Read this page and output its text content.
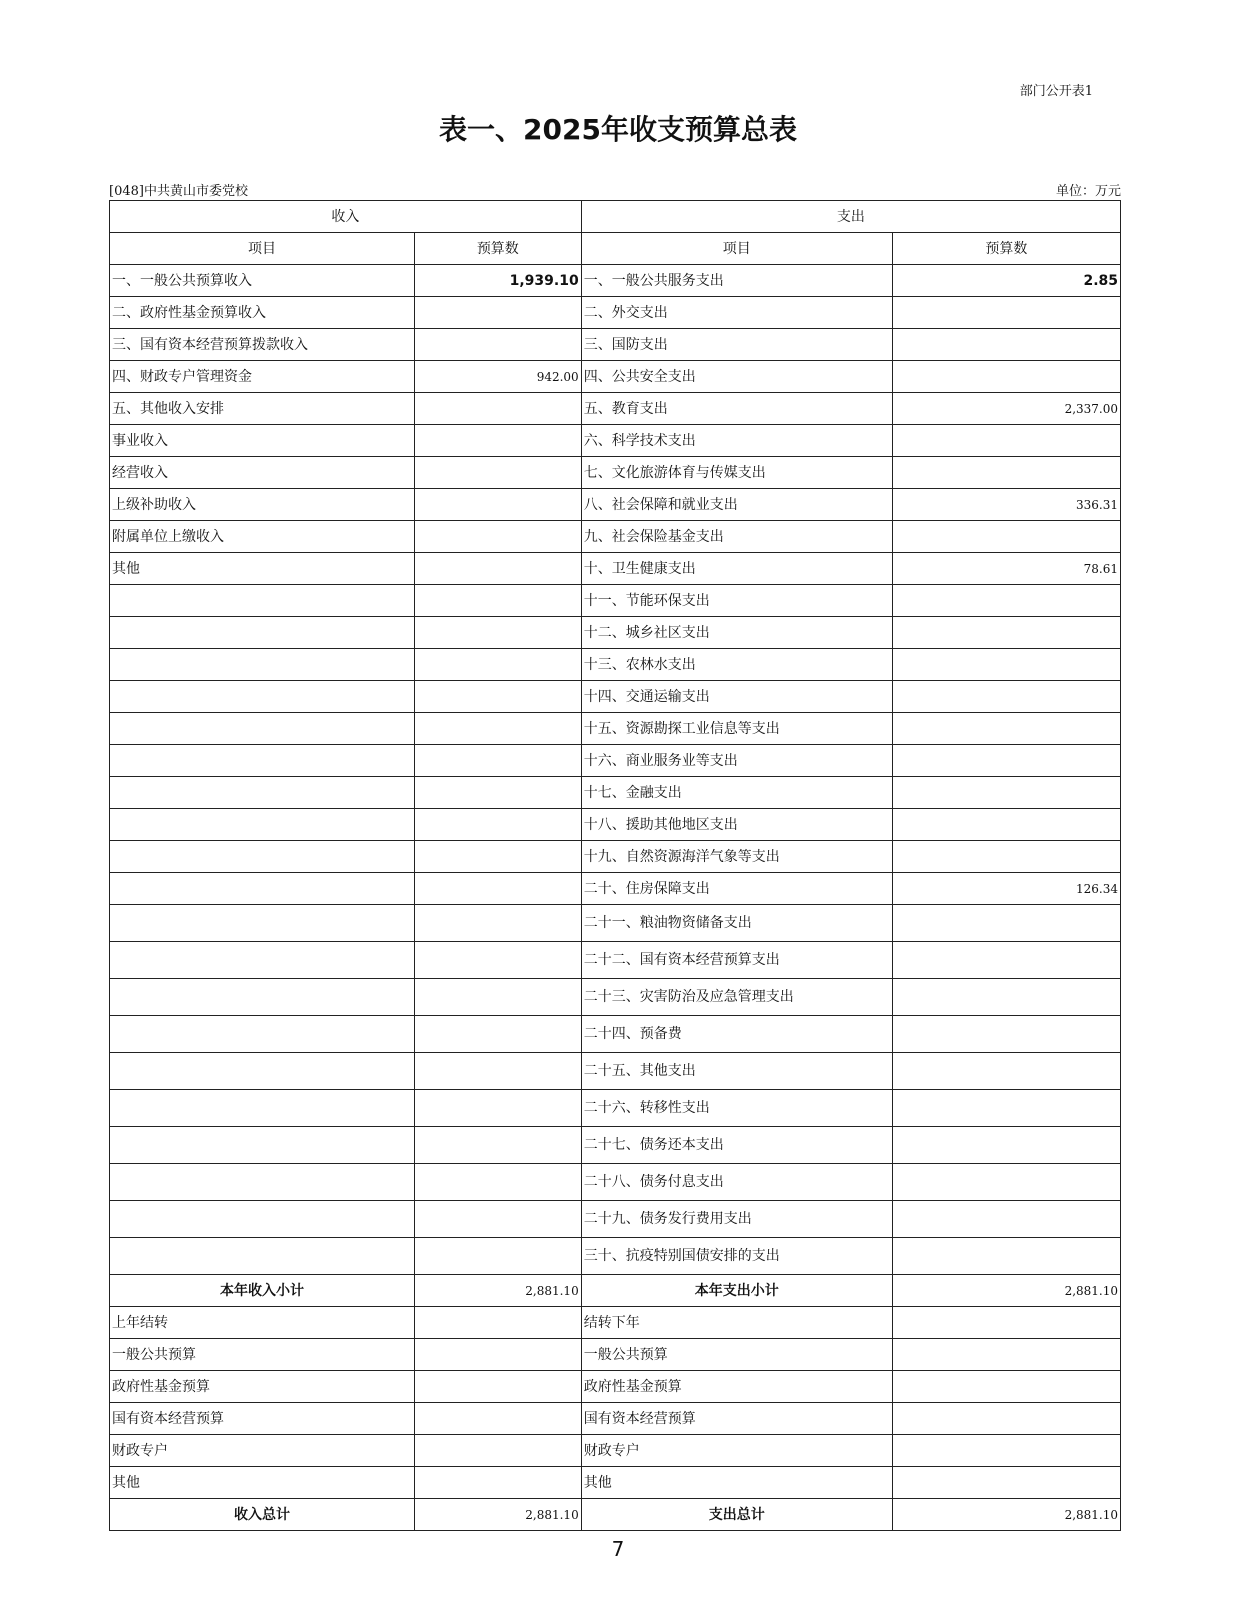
部门公开表1
表一、2025年收支预算总表
[048]中共黄山市委党校	单位：万元
收入		支出	
项目	预算数	项目	预算数
一、一般公共预算收入	1,939.10	一、一般公共服务支出	2.85
二、政府性基金预算收入		二、外交支出	
三、国有资本经营预算拨款收入		三、国防支出	
四、财政专户管理资金	942.00	四、公共安全支出	
五、其他收入安排		五、教育支出	2,337.00
事业收入		六、科学技术支出	
经营收入		七、文化旅游体育与传媒支出	
上级补助收入		八、社会保障和就业支出	336.31
附属单位上缴收入		九、社会保险基金支出	
其他		十、卫生健康支出	78.61
		十一、节能环保支出	
		十二、城乡社区支出	
		十三、农林水支出	
		十四、交通运输支出	
		十五、资源勘探工业信息等支出	
		十六、商业服务业等支出	
		十七、金融支出	
		十八、援助其他地区支出	
		十九、自然资源海洋气象等支出	
		二十、住房保障支出	126.34
		二十一、粮油物资储备支出	
		二十二、国有资本经营预算支出	
		二十三、灾害防治及应急管理支出	
		二十四、预备费	
		二十五、其他支出	
		二十六、转移性支出	
		二十七、债务还本支出	
		二十八、债务付息支出	
		二十九、债务发行费用支出	
		三十、抗疫特别国债安排的支出	
本年收入小计	2,881.10	本年支出小计	2,881.10
上年结转		结转下年	
一般公共预算		一般公共预算	
政府性基金预算		政府性基金预算	
国有资本经营预算		国有资本经营预算	
财政专户		财政专户	
其他		其他	
收入总计	2,881.10	支出总计	2,881.10
7
